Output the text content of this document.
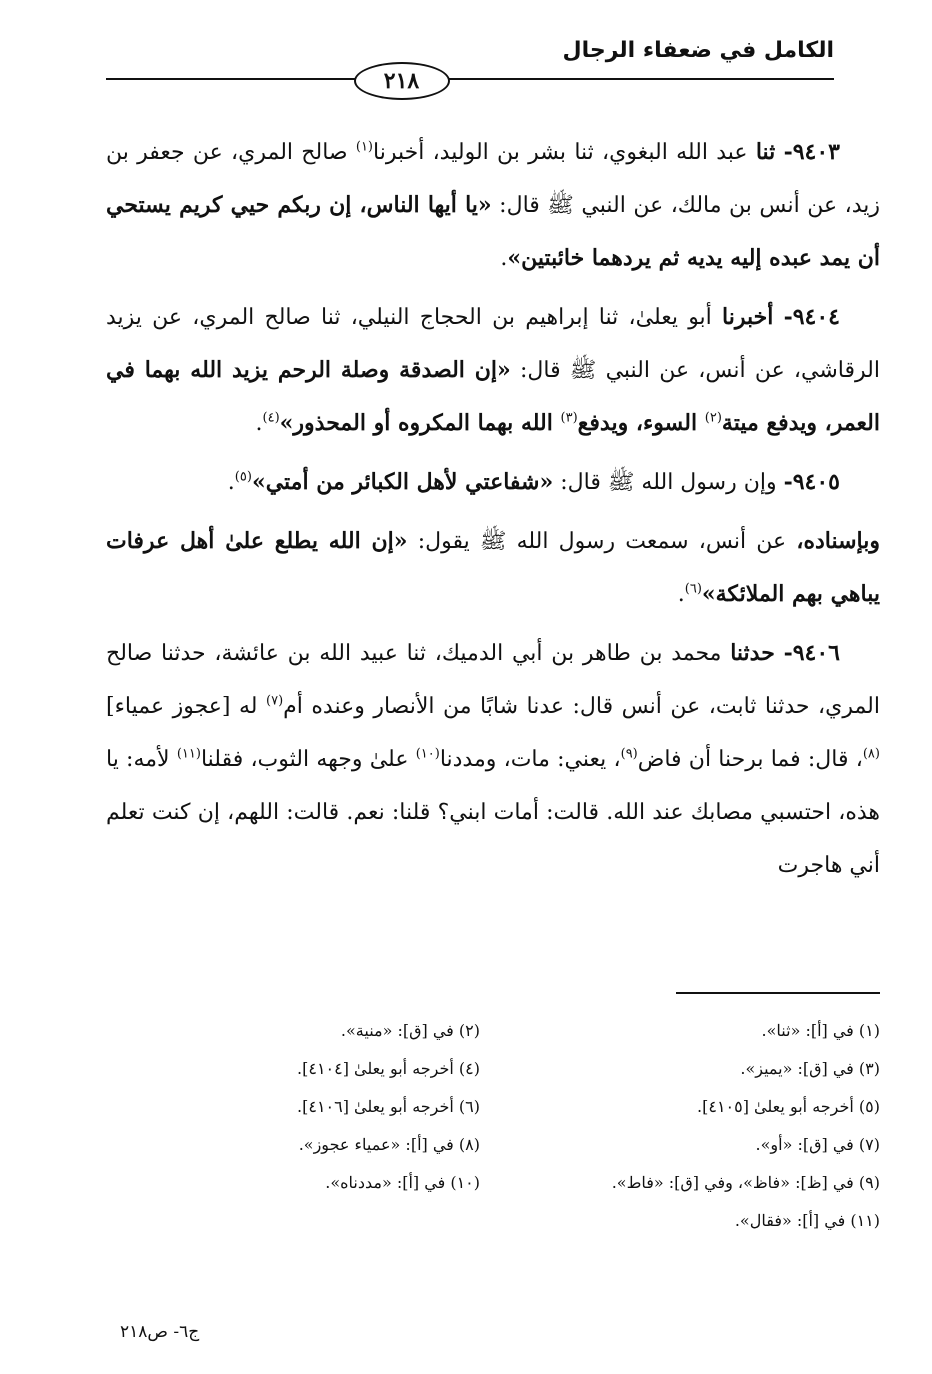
الكامل في ضعفاء الرجال
٢١٨

٩٤٠٣- ثنا عبد الله البغوي، ثنا بشر بن الوليد، أخبرنا$^{(١)}$ صالح المري، عن جعفر بن زيد، عن أنس بن مالك، عن النبي ﷺ قال: «يا أيها الناس، إن ربكم حيي كريم يستحي أن يمد عبده إليه يديه ثم يردهما خائبتين».

٩٤٠٤- أخبرنا أبو يعلىٰ، ثنا إبراهيم بن الحجاج النيلي، ثنا صالح المري، عن يزيد الرقاشي، عن أنس، عن النبي ﷺ قال: «إن الصدقة وصلة الرحم يزيد الله بهما في العمر، ويدفع ميتة$^{(٢)}$ السوء، ويدفع$^{(٣)}$ الله بهما المكروه أو المحذور»$^{(٤)}$.

٩٤٠٥- وإن رسول الله ﷺ قال: «شفاعتي لأهل الكبائر من أمتي»$^{(٥)}$.

وبإسناده، عن أنس، سمعت رسول الله ﷺ يقول: «إن الله يطلع علىٰ أهل عرفات يباهي بهم الملائكة»$^{(٦)}$.

٩٤٠٦- حدثنا محمد بن طاهر بن أبي الدميك، ثنا عبيد الله بن عائشة، حدثنا صالح المري، حدثنا ثابت، عن أنس قال: عدنا شابًا من الأنصار وعنده أم$^{(٧)}$ له [عجوز عمياء]$^{(٨)}$، قال: فما برحنا أن فاض$^{(٩)}$، يعني: مات، ومددنا$^{(١٠)}$ علىٰ وجهه الثوب، فقلنا$^{(١١)}$ لأمه: يا هذه، احتسبي مصابك عند الله. قالت: أمات ابني؟ قلنا: نعم. قالت: اللهم، إن كنت تعلم أني هاجرت

(١) في [أ]: «ثنا».
(٢) في [ق]: «منية».
(٣) في [ق]: «يميز».
(٤) أخرجه أبو يعلىٰ [٤١٠٤].
(٥) أخرجه أبو يعلىٰ [٤١٠٥].
(٦) أخرجه أبو يعلىٰ [٤١٠٦].
(٧) في [ق]: «أو».
(٨) في [أ]: «عمياء عجوز».
(٩) في [ظ]: «فاظ»، وفي [ق]: «فاط».
(١٠) في [أ]: «مددناه».
(١١) في [أ]: «فقال».
ج٦- ص٢١٨
